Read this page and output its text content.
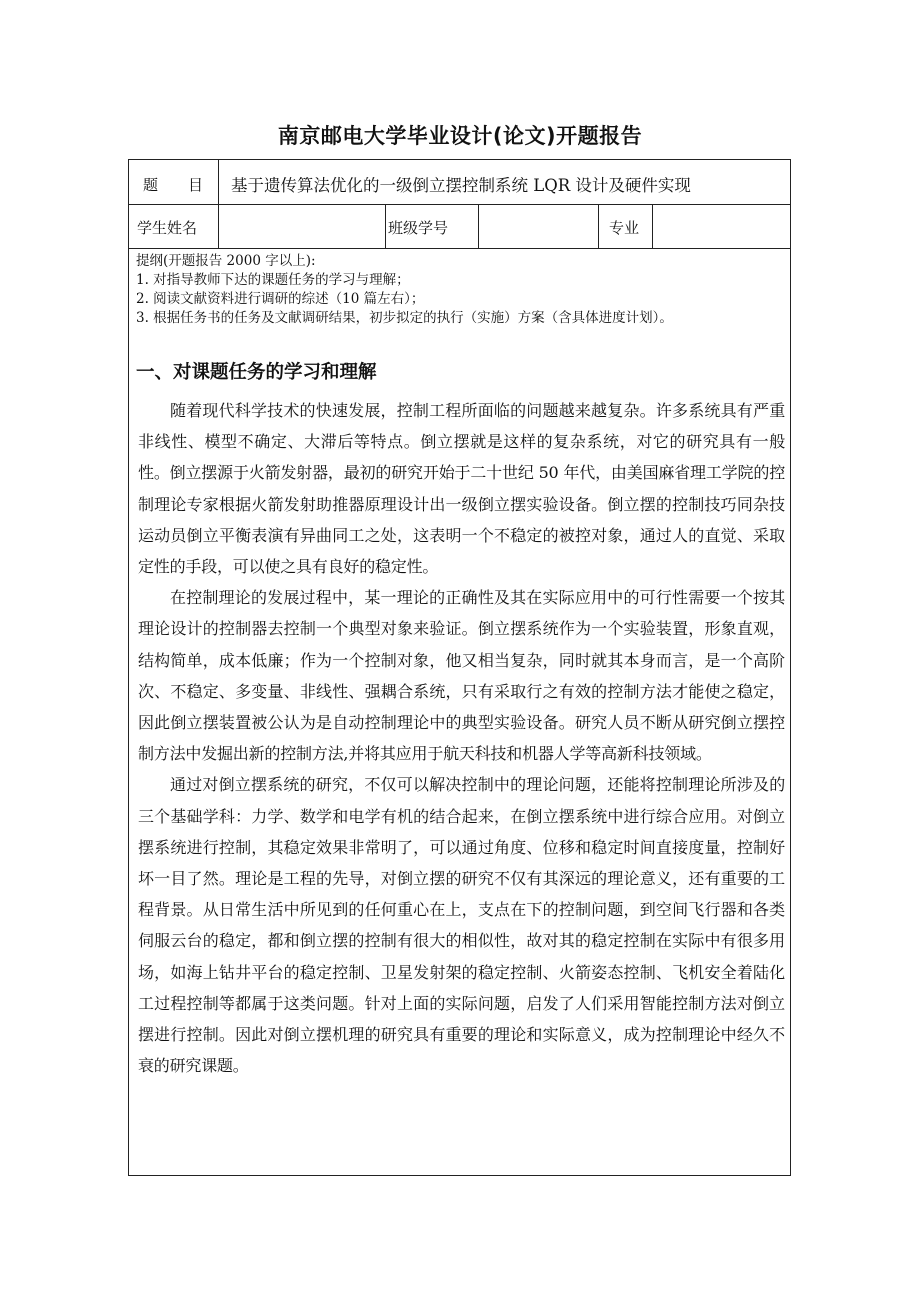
南京邮电大学毕业设计(论文)开题报告
题　　目 基于遗传算法优化的一级倒立摆控制系统 LQR 设计及硬件实现
学生姓名	班级学号	专业
提纲(开题报告 2000 字以上):
1. 对指导教师下达的课题任务的学习与理解；
2. 阅读文献资料进行调研的综述（10 篇左右）；
3. 根据任务书的任务及文献调研结果，初步拟定的执行（实施）方案（含具体进度计划）。
一、对课题任务的学习和理解

随着现代科学技术的快速发展，控制工程所面临的问题越来越复杂。许多系统具有严重非线性、模型不确定、大滞后等特点。倒立摆就是这样的复杂系统，对它的研究具有一般性。倒立摆源于火箭发射器，最初的研究开始于二十世纪 50 年代，由美国麻省理工学院的控制理论专家根据火箭发射助推器原理设计出一级倒立摆实验设备。倒立摆的控制技巧同杂技运动员倒立平衡表演有异曲同工之处，这表明一个不稳定的被控对象，通过人的直觉、采取定性的手段，可以使之具有良好的稳定性。

在控制理论的发展过程中，某一理论的正确性及其在实际应用中的可行性需要一个按其理论设计的控制器去控制一个典型对象来验证。倒立摆系统作为一个实验装置，形象直观，结构简单，成本低廉；作为一个控制对象，他又相当复杂，同时就其本身而言，是一个高阶次、不稳定、多变量、非线性、强耦合系统，只有采取行之有效的控制方法才能使之稳定，因此倒立摆装置被公认为是自动控制理论中的典型实验设备。研究人员不断从研究倒立摆控制方法中发掘出新的控制方法,并将其应用于航天科技和机器人学等高新科技领域。

通过对倒立摆系统的研究，不仅可以解决控制中的理论问题，还能将控制理论所涉及的三个基础学科：力学、数学和电学有机的结合起来，在倒立摆系统中进行综合应用。对倒立摆系统进行控制，其稳定效果非常明了，可以通过角度、位移和稳定时间直接度量，控制好坏一目了然。理论是工程的先导，对倒立摆的研究不仅有其深远的理论意义，还有重要的工程背景。从日常生活中所见到的任何重心在上，支点在下的控制问题，到空间飞行器和各类伺服云台的稳定，都和倒立摆的控制有很大的相似性，故对其的稳定控制在实际中有很多用场，如海上钻井平台的稳定控制、卫星发射架的稳定控制、火箭姿态控制、飞机安全着陆化工过程控制等都属于这类问题。针对上面的实际问题，启发了人们采用智能控制方法对倒立摆进行控制。因此对倒立摆机理的研究具有重要的理论和实际意义，成为控制理论中经久不衰的研究课题。
